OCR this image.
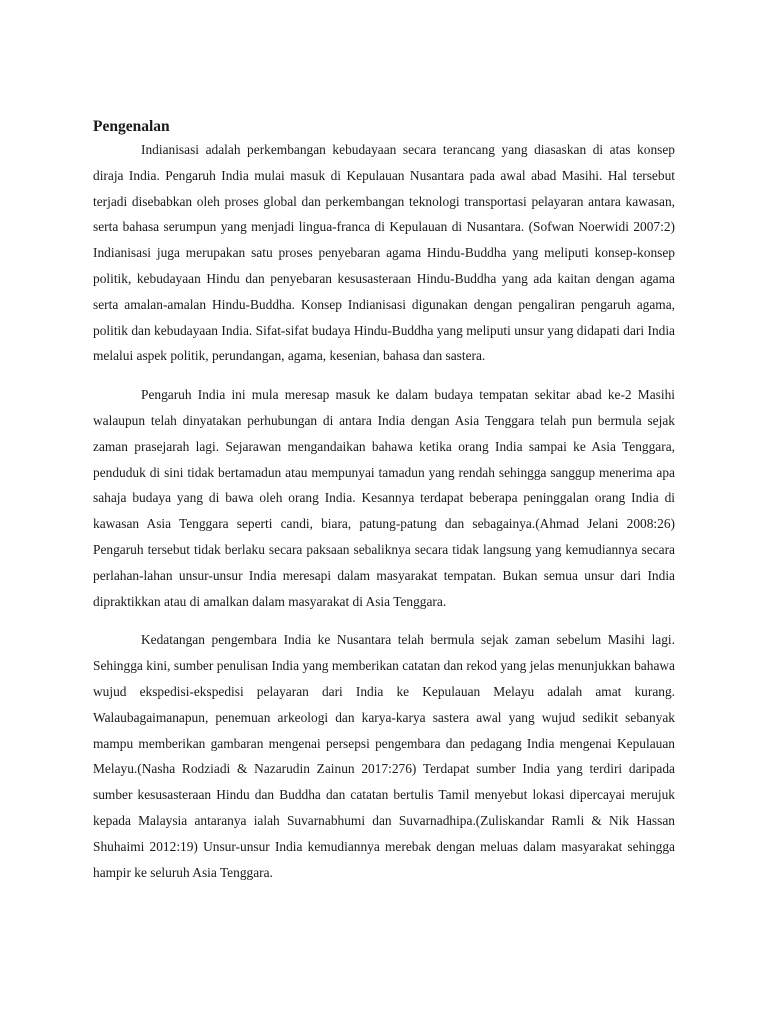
Pengenalan

Indianisasi adalah perkembangan kebudayaan secara terancang yang diasaskan di atas konsep diraja India. Pengaruh India mulai masuk di Kepulauan Nusantara pada awal abad Masihi. Hal tersebut terjadi disebabkan oleh proses global dan perkembangan teknologi transportasi pelayaran antara kawasan, serta bahasa serumpun yang menjadi lingua-franca di Kepulauan di Nusantara. (Sofwan Noerwidi 2007:2) Indianisasi juga merupakan satu proses penyebaran agama Hindu-Buddha yang meliputi konsep-konsep politik, kebudayaan Hindu dan penyebaran kesusasteraan Hindu-Buddha yang ada kaitan dengan agama serta amalan-amalan Hindu-Buddha. Konsep Indianisasi digunakan dengan pengaliran pengaruh agama, politik dan kebudayaan India. Sifat-sifat budaya Hindu-Buddha yang meliputi unsur yang didapati dari India melalui aspek politik, perundangan, agama, kesenian, bahasa dan sastera.

Pengaruh India ini mula meresap masuk ke dalam budaya tempatan sekitar abad ke-2 Masihi walaupun telah dinyatakan perhubungan di antara India dengan Asia Tenggara telah pun bermula sejak zaman prasejarah lagi. Sejarawan mengandaikan bahawa ketika orang India sampai ke Asia Tenggara, penduduk di sini tidak bertamadun atau mempunyai tamadun yang rendah sehingga sanggup menerima apa sahaja budaya yang di bawa oleh orang India. Kesannya terdapat beberapa peninggalan orang India di kawasan Asia Tenggara seperti candi, biara, patung-patung dan sebagainya.(Ahmad Jelani 2008:26) Pengaruh tersebut tidak berlaku secara paksaan sebaliknya secara tidak langsung yang kemudiannya secara perlahan-lahan unsur-unsur India meresapi dalam masyarakat tempatan. Bukan semua unsur dari India dipraktikkan atau di amalkan dalam masyarakat di Asia Tenggara.

Kedatangan pengembara India ke Nusantara telah bermula sejak zaman sebelum Masihi lagi. Sehingga kini, sumber penulisan India yang memberikan catatan dan rekod yang jelas menunjukkan bahawa wujud ekspedisi-ekspedisi pelayaran dari India ke Kepulauan Melayu adalah amat kurang. Walaubagaimanapun, penemuan arkeologi dan karya-karya sastera awal yang wujud sedikit sebanyak mampu memberikan gambaran mengenai persepsi pengembara dan pedagang India mengenai Kepulauan Melayu.(Nasha Rodziadi & Nazarudin Zainun 2017:276) Terdapat sumber India yang terdiri daripada sumber kesusasteraan Hindu dan Buddha dan catatan bertulis Tamil menyebut lokasi dipercayai merujuk kepada Malaysia antaranya ialah Suvarnabhumi dan Suvarnadhipa.(Zuliskandar Ramli & Nik Hassan Shuhaimi 2012:19) Unsur-unsur India kemudiannya merebak dengan meluas dalam masyarakat sehingga hampir ke seluruh Asia Tenggara.
